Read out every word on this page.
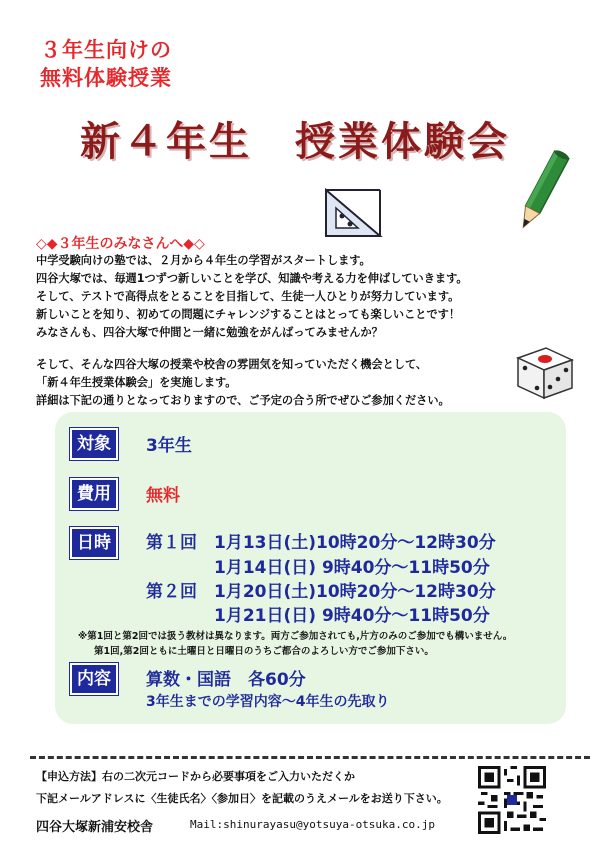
３年生向けの
無料体験授業
新４年生　授業体験会
◇◆３年生のみなさんへ◆◇

中学受験向けの塾では、２月から４年生の学習がスタートします。

四谷大塚では、毎週1つずつ新しいことを学び、知識や考える力を伸ばしていきます。

そして、テストで高得点をとることを目指して、生徒一人ひとりが努力しています。

新しいことを知り、初めての問題にチャレンジすることはとっても楽しいことです！

みなさんも、四谷大塚で仲間と一緒に勉強をがんばってみませんか？

そして、そんな四谷大塚の授業や校舎の雰囲気を知っていただく機会として、

「新４年生授業体験会」を実施します。

詳細は下記の通りとなっておりますので、ご予定の合う所でぜひご参加ください。

対象	3年生
費用	無料
日時	第１回　1月13日(土)10時20分～12時30分
　　　　1月14日(日) 9時40分～11時50分
第２回　1月20日(土)10時20分～12時30分
　　　　1月21日(日) 9時40分～11時50分
※第1回と第2回では扱う教材は異なります。両方ご参加されても,片方のみのご参加でも構いません。
第1回,第2回ともに土曜日と日曜日のうちご都合のよろしい方でご参加下さい。
内容	算数・国語　各60分
3年生までの学習内容～4年生の先取り
【申込方法】右の二次元コードから必要事項をご入力いただくか
下記メールアドレスに〈生徒氏名〉〈参加日〉を記載のうえメールをお送り下さい。
四谷大塚新浦安校舎	Mail:shinurayasu@yotsuya-otsuka.co.jp
